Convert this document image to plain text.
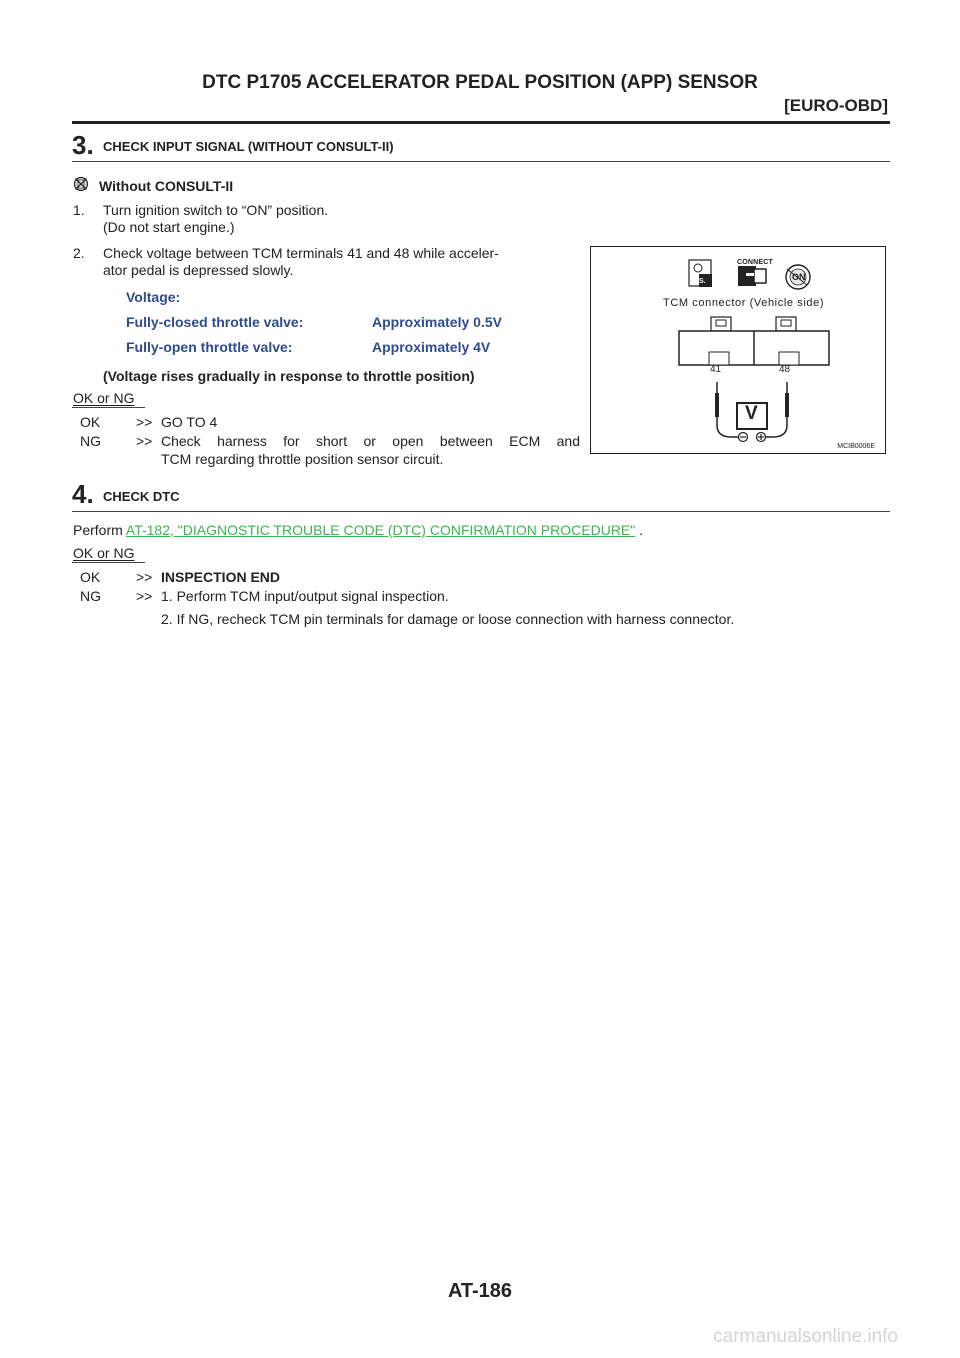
DTC P1705 ACCELERATOR PEDAL POSITION (APP) SENSOR
[EURO-OBD]
3. CHECK INPUT SIGNAL (WITHOUT CONSULT-II)
Without CONSULT-II
1. Turn ignition switch to “ON” position.
(Do not start engine.)
2. Check voltage between TCM terminals 41 and 48 while acceler-
ator pedal is depressed slowly.
Voltage:
Fully-closed throttle valve:	Approximately 0.5V
Fully-open throttle valve:	Approximately 4V
(Voltage rises gradually in response to throttle position)
OK or NG
OK	>> GO TO 4
NG	>> Check harness for short or open between ECM and
TCM regarding throttle position sensor circuit.
CONNECT
H.S.	ON
TCM connector (Vehicle side)
41	48
V
MCIB0006E
4. CHECK DTC
Perform AT-182, "DIAGNOSTIC TROUBLE CODE (DTC) CONFIRMATION PROCEDURE" .
OK or NG
OK	>> INSPECTION END
NG	>> 1. Perform TCM input/output signal inspection.
2. If NG, recheck TCM pin terminals for damage or loose connection with harness connector.
AT-186
carmanualsonline.info
